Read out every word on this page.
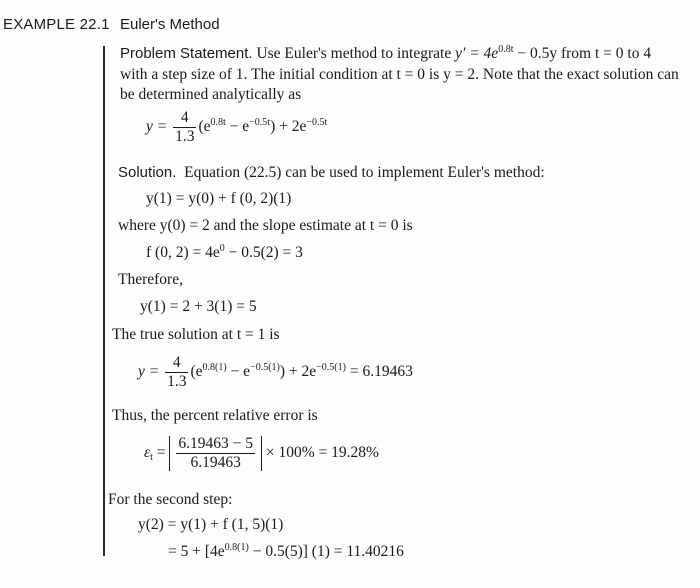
EXAMPLE 22.1 Euler's Method
Problem Statement. Use Euler's method to integrate $y' = 4e^{0.8t} - 0.5y$ from t = 0 to 4
with a step size of 1. The initial condition at t = 0 is y = 2. Note that the exact solution can
be determined analytically as
$y = \frac{4}{1.3} (e^{0.8t} - e^{-0.5t}) + 2e^{-0.5t}$
Solution. Equation (22.5) can be used to implement Euler's method:
y(1) = y(0) + f (0, 2)(1)
where y(0) = 2 and the slope estimate at t = 0 is
f (0, $2) = 4e^0 - 0.5(2) = 3$
Therefore,
y(1) = 2 + 3(1) = 5
The true solution at t = 1 is
$y = \frac{4}{1.3} (e^{0.8(1)} - e^{-0.5(1)}) + 2e^{-0.5(1)} = 6.19463$
Thus, the percent relative error is
$\varepsilon_t = \frac{6.19463 - 5}{6.19463} \times 100\% = 19.28\%$
For the second step:
y(2) = y(1) + f (1, 5)(1)
= $5 + [4e^{0.8(1)} - 0.5(5)] (1) = 11.40216$
